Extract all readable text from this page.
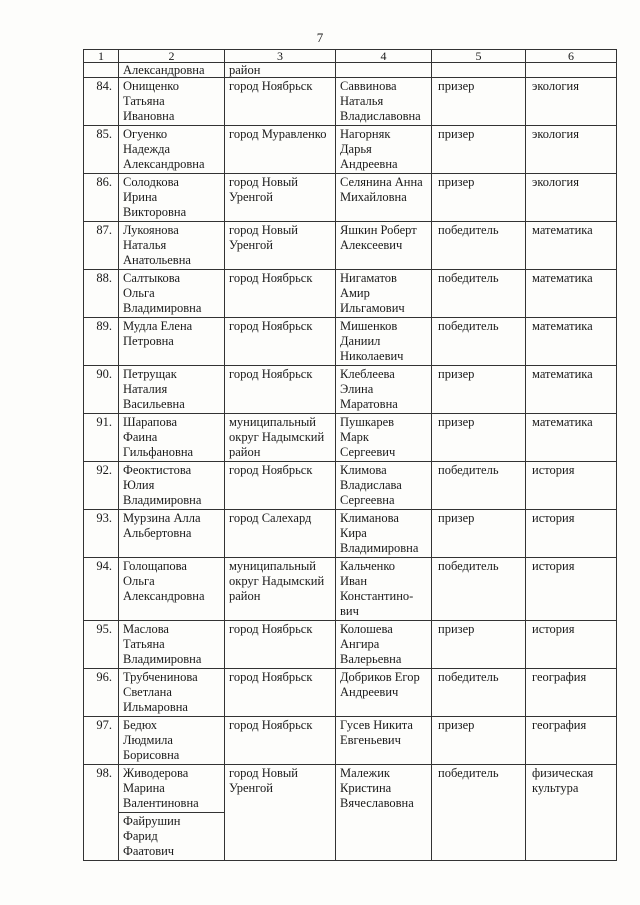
7
1	2	3	4	5	6
	Александровна	район			
84.	Онищенко
Татьяна
Ивановна	город Ноябрьск	Саввинова
Наталья
Владиславовна	призер	экология
85.	Огуенко
Надежда
Александровна	город Муравленко	Нагорняк
Дарья
Андреевна	призер	экология
86.	Солодкова
Ирина
Викторовна	город Новый
Уренгой	Селянина Анна
Михайловна	призер	экология
87.	Лукоянова
Наталья
Анатольевна	город Новый
Уренгой	Яшкин Роберт
Алексеевич	победитель	математика
88.	Салтыкова
Ольга
Владимировна	город Ноябрьск	Нигаматов
Амир
Ильгамович	победитель	математика
89.	Мудла Елена
Петровна	город Ноябрьск	Мишенков
Даниил
Николаевич	победитель	математика
90.	Петрущак
Наталия
Васильевна	город Ноябрьск	Клеблеева
Элина
Маратовна	призер	математика
91.	Шарапова
Фаина
Гильфановна	муниципальный
округ Надымский
район	Пушкарев
Марк
Сергеевич	призер	математика
92.	Феоктистова
Юлия
Владимировна	город Ноябрьск	Климова
Владислава
Сергеевна	победитель	история
93.	Мурзина Алла
Альбертовна	город Салехард	Климанова
Кира
Владимировна	призер	история
94.	Голощапова
Ольга
Александровна	муниципальный
округ Надымский
район	Кальченко
Иван
Константино-
вич	победитель	история
95.	Маслова
Татьяна
Владимировна	город Ноябрьск	Колошева
Ангира
Валерьевна	призер	история
96.	Трубченинова
Светлана
Ильмаровна	город Ноябрьск	Добриков Егор
Андреевич	победитель	география
97.	Бедюх
Людмила
Борисовна	город Ноябрьск	Гусев Никита
Евгеньевич	призер	география
98.	Живодерова
Марина
Валентиновна	город Новый
Уренгой	Малежик
Кристина
Вячеславовна	победитель	физическая
культура
	Файрушин
Фарид
Фаатович				
